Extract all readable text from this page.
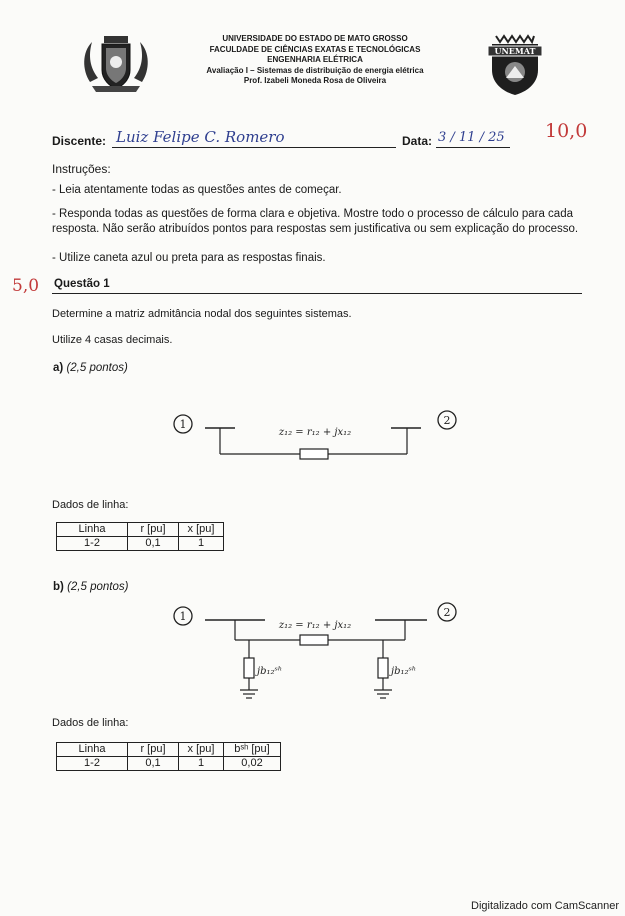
UNIVERSIDADE DO ESTADO DE MATO GROSSO
FACULDADE DE CIÊNCIAS EXATAS E TECNOLÓGICAS
ENGENHARIA ELÉTRICA
Avaliação I – Sistemas de distribuição de energia elétrica
Prof. Izabeli Moneda Rosa de Oliveira
UNEMAT
Discente: Luiz Felipe C. Romero	Data: 3 / 11 / 25 10,0
Instruções:
- Leia atentamente todas as questões antes de começar.
- Responda todas as questões de forma clara e objetiva. Mostre todo o processo de cálculo para cada resposta. Não serão atribuídos pontos para respostas sem justificativa ou sem explicação do processo.
- Utilize caneta azul ou preta para as respostas finais.
5,0 Questão 1
Determine a matriz admitância nodal dos seguintes sistemas.
Utilize 4 casas decimais.
a) (2,5 pontos)
1	2
z₁₂ = r₁₂ + jx₁₂
Dados de linha:
Linha	r [pu]	x [pu]
1-2	0,1	1
b) (2,5 pontos)
1	2
z₁₂ = r₁₂ + jx₁₂
jb₁₂ˢʰ	jb₁₂ˢʰ
Dados de linha:
Linha	r [pu]	x [pu]	bˢʰ [pu]
1-2	0,1	1	0,02
Digitalizado com CamScanner
